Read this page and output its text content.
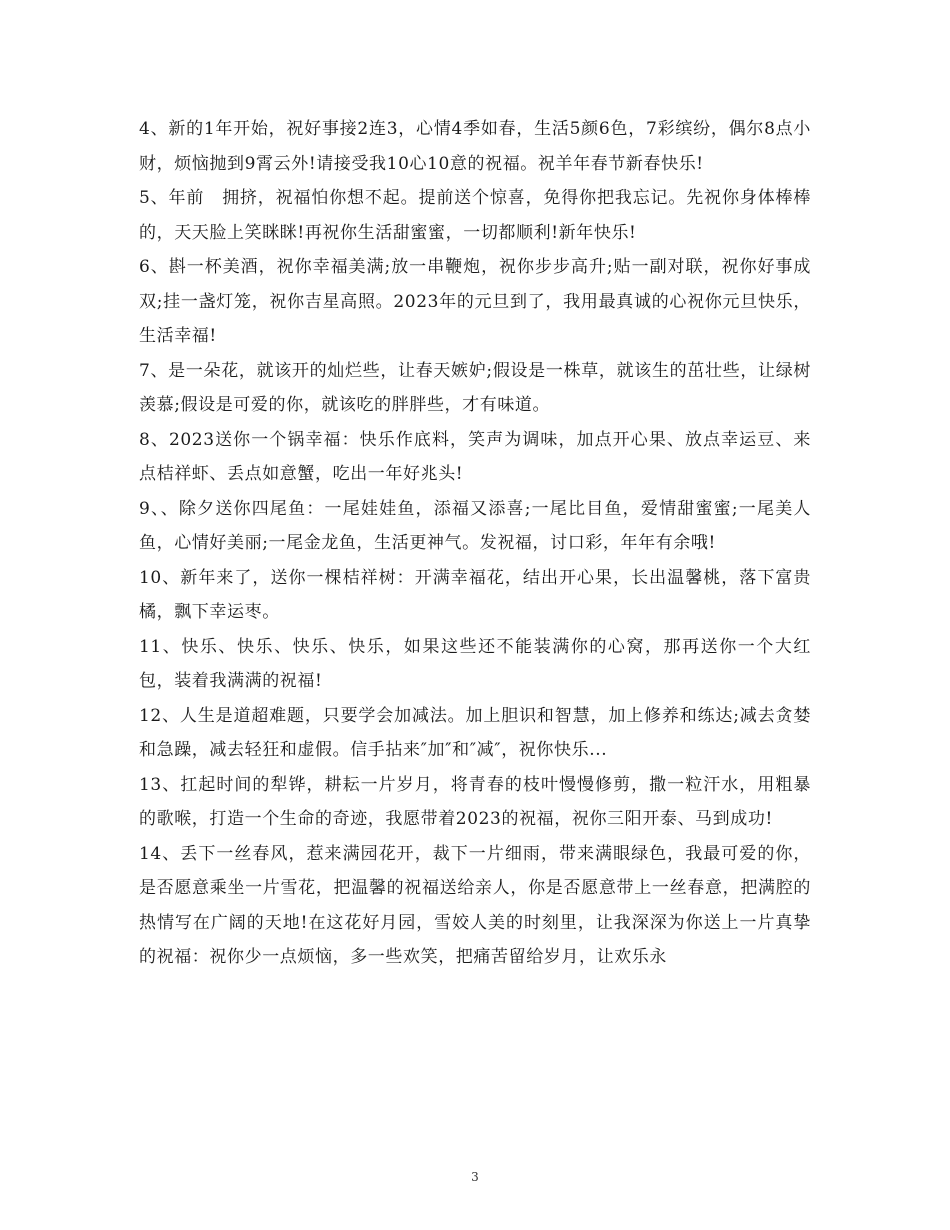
4、新的1年开始，祝好事接2连3，心情4季如春，生活5颜6色，7彩缤纷，偶尔8点小财，烦恼抛到9霄云外!请接受我10心10意的祝福。祝羊年春节新春快乐!

5、年前　拥挤，祝福怕你想不起。提前送个惊喜，免得你把我忘记。先祝你身体棒棒的，天天脸上笑眯眯!再祝你生活甜蜜蜜，一切都顺利!新年快乐!

6、斟一杯美酒，祝你幸福美满;放一串鞭炮，祝你步步高升;贴一副对联，祝你好事成双;挂一盏灯笼，祝你吉星高照。2023年的元旦到了，我用最真诚的心祝你元旦快乐，生活幸福!

7、是一朵花，就该开的灿烂些，让春天嫉妒;假设是一株草，就该生的茁壮些，让绿树羡慕;假设是可爱的你，就该吃的胖胖些，才有味道。

8、2023送你一个锅幸福：快乐作底料，笑声为调味，加点开心果、放点幸运豆、来点桔祥虾、丢点如意蟹，吃出一年好兆头!

9、、除夕送你四尾鱼：一尾娃娃鱼，添福又添喜;一尾比目鱼，爱情甜蜜蜜;一尾美人鱼，心情好美丽;一尾金龙鱼，生活更神气。发祝福，讨口彩，年年有余哦!

10、新年来了，送你一棵桔祥树：开满幸福花，结出开心果，长出温馨桃，落下富贵橘，飘下幸运枣。

11、快乐、快乐、快乐、快乐，如果这些还不能装满你的心窝，那再送你一个大红包，装着我满满的祝福!

12、人生是道超难题，只要学会加减法。加上胆识和智慧，加上修养和练达;减去贪婪和急躁，减去轻狂和虚假。信手拈来″加″和″减″，祝你快乐...

13、扛起时间的犁铧，耕耘一片岁月，将青春的枝叶慢慢修剪，撒一粒汗水，用粗暴的歌喉，打造一个生命的奇迹，我愿带着2023的祝福，祝你三阳开泰、马到成功!

14、丢下一丝春风，惹来满园花开，裁下一片细雨，带来满眼绿色，我最可爱的你，是否愿意乘坐一片雪花，把温馨的祝福送给亲人，你是否愿意带上一丝春意，把满腔的热情写在广阔的天地!在这花好月园，雪姣人美的时刻里，让我深深为你送上一片真挚的祝福：祝你少一点烦恼，多一些欢笑，把痛苦留给岁月，让欢乐永

3
